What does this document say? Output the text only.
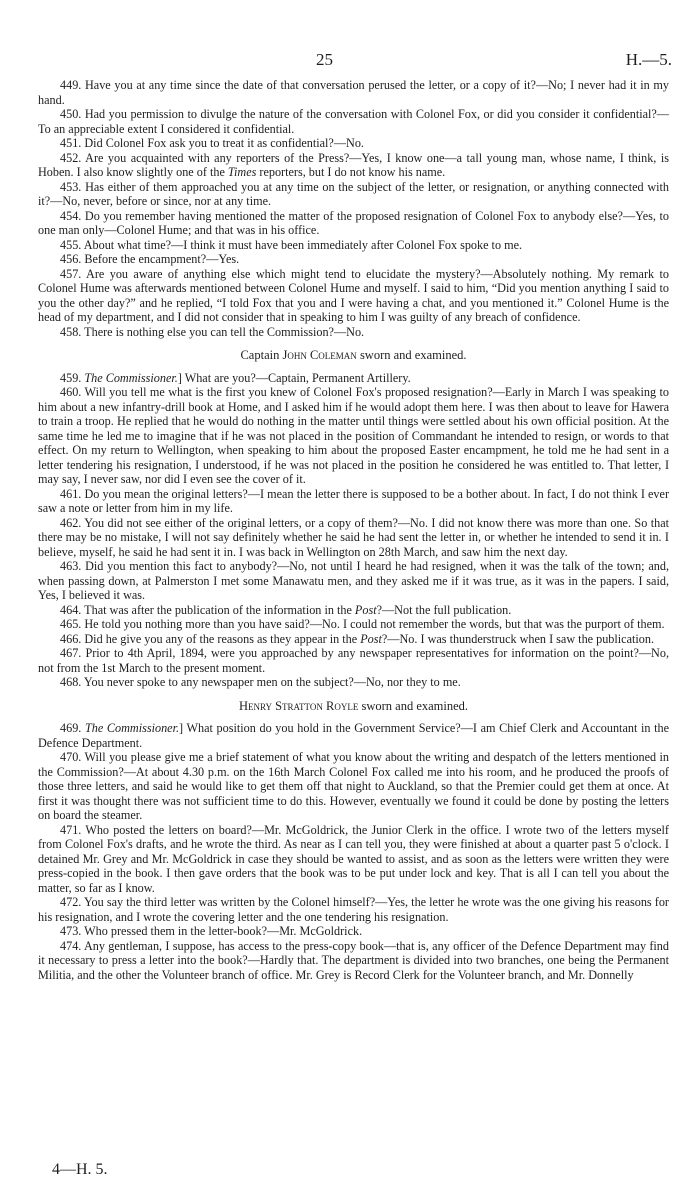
25	H.—5.

449. Have you at any time since the date of that conversation perused the letter, or a copy of it?—No; I never had it in my hand.

450. Had you permission to divulge the nature of the conversation with Colonel Fox, or did you consider it confidential?—To an appreciable extent I considered it confidential.

451. Did Colonel Fox ask you to treat it as confidential?—No.

452. Are you acquainted with any reporters of the Press?—Yes, I know one—a tall young man, whose name, I think, is Hoben. I also know slightly one of the Times reporters, but I do not know his name.

453. Has either of them approached you at any time on the subject of the letter, or resignation, or anything connected with it?—No, never, before or since, nor at any time.

454. Do you remember having mentioned the matter of the proposed resignation of Colonel Fox to anybody else?—Yes, to one man only—Colonel Hume; and that was in his office.

455. About what time?—I think it must have been immediately after Colonel Fox spoke to me.

456. Before the encampment?—Yes.

457. Are you aware of anything else which might tend to elucidate the mystery?—Absolutely nothing. My remark to Colonel Hume was afterwards mentioned between Colonel Hume and myself. I said to him, “Did you mention anything I said to you the other day?” and he replied, “I told Fox that you and I were having a chat, and you mentioned it.” Colonel Hume is the head of my department, and I did not consider that in speaking to him I was guilty of any breach of confidence.

458. There is nothing else you can tell the Commission?—No.

Captain John Coleman sworn and examined.

459. The Commissioner.] What are you?—Captain, Permanent Artillery.

460. Will you tell me what is the first you knew of Colonel Fox's proposed resignation?—Early in March I was speaking to him about a new infantry-drill book at Home, and I asked him if he would adopt them here. I was then about to leave for Hawera to train a troop. He replied that he would do nothing in the matter until things were settled about his own official position. At the same time he led me to imagine that if he was not placed in the position of Commandant he intended to resign, or words to that effect. On my return to Wellington, when speaking to him about the proposed Easter encampment, he told me he had sent in a letter tendering his resignation, I understood, if he was not placed in the position he considered he was entitled to. That letter, I may say, I never saw, nor did I even see the cover of it.

461. Do you mean the original letters?—I mean the letter there is supposed to be a bother about. In fact, I do not think I ever saw a note or letter from him in my life.

462. You did not see either of the original letters, or a copy of them?—No. I did not know there was more than one. So that there may be no mistake, I will not say definitely whether he said he had sent the letter in, or whether he intended to send it in. I believe, myself, he said he had sent it in. I was back in Wellington on 28th March, and saw him the next day.

463. Did you mention this fact to anybody?—No, not until I heard he had resigned, when it was the talk of the town; and, when passing down, at Palmerston I met some Manawatu men, and they asked me if it was true, as it was in the papers. I said, Yes, I believed it was.

464. That was after the publication of the information in the Post?—Not the full publication.

465. He told you nothing more than you have said?—No. I could not remember the words, but that was the purport of them.

466. Did he give you any of the reasons as they appear in the Post?—No. I was thunderstruck when I saw the publication.

467. Prior to 4th April, 1894, were you approached by any newspaper representatives for information on the point?—No, not from the 1st March to the present moment.

468. You never spoke to any newspaper men on the subject?—No, nor they to me.

Henry Stratton Royle sworn and examined.

469. The Commissioner.] What position do you hold in the Government Service?—I am Chief Clerk and Accountant in the Defence Department.

470. Will you please give me a brief statement of what you know about the writing and despatch of the letters mentioned in the Commission?—At about 4.30 p.m. on the 16th March Colonel Fox called me into his room, and he produced the proofs of those three letters, and said he would like to get them off that night to Auckland, so that the Premier could get them at once. At first it was thought there was not sufficient time to do this. However, eventually we found it could be done by posting the letters on board the steamer.

471. Who posted the letters on board?—Mr. McGoldrick, the Junior Clerk in the office. I wrote two of the letters myself from Colonel Fox's drafts, and he wrote the third. As near as I can tell you, they were finished at about a quarter past 5 o'clock. I detained Mr. Grey and Mr. McGoldrick in case they should be wanted to assist, and as soon as the letters were written they were press-copied in the book. I then gave orders that the book was to be put under lock and key. That is all I can tell you about the matter, so far as I know.

472. You say the third letter was written by the Colonel himself?—Yes, the letter he wrote was the one giving his reasons for his resignation, and I wrote the covering letter and the one tendering his resignation.

473. Who pressed them in the letter-book?—Mr. McGoldrick.

474. Any gentleman, I suppose, has access to the press-copy book—that is, any officer of the Defence Department may find it necessary to press a letter into the book?—Hardly that. The department is divided into two branches, one being the Permanent Militia, and the other the Volunteer branch of office. Mr. Grey is Record Clerk for the Volunteer branch, and Mr. Donnelly

4—H. 5.
